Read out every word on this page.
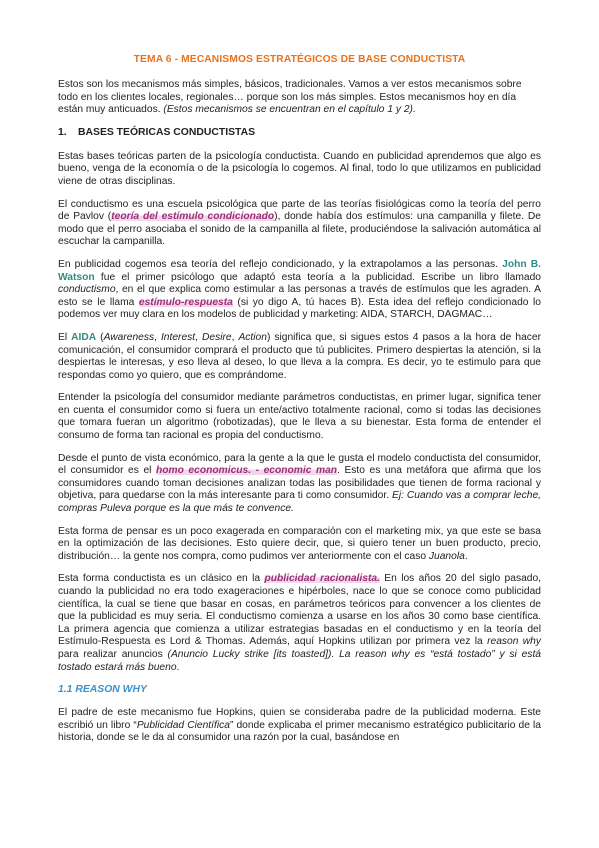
TEMA 6 - MECANISMOS ESTRATÉGICOS DE BASE CONDUCTISTA

Estos son los mecanismos más simples, básicos, tradicionales. Vamos a ver estos mecanismos sobre todo en los clientes locales, regionales… porque son los más simples. Estos mecanismos hoy en día están muy anticuados. (Estos mecanismos se encuentran en el capítulo 1 y 2).

1. BASES TEÓRICAS CONDUCTISTAS

Estas bases teóricas parten de la psicología conductista. Cuando en publicidad aprendemos que algo es bueno, venga de la economía o de la psicología lo cogemos. Al final, todo lo que utilizamos en publicidad viene de otras disciplinas.

El conductismo es una escuela psicológica que parte de las teorías fisiológicas como la teoría del perro de Pavlov (teoría del estímulo condicionado), donde había dos estímulos: una campanilla y filete. De modo que el perro asociaba el sonido de la campanilla al filete, produciéndose la salivación automática al escuchar la campanilla.

En publicidad cogemos esa teoría del reflejo condicionado, y la extrapolamos a las personas. John B. Watson fue el primer psicólogo que adaptó esta teoría a la publicidad. Escribe un libro llamado conductismo, en el que explica como estimular a las personas a través de estímulos que les agraden. A esto se le llama estímulo-respuesta (si yo digo A, tú haces B). Esta idea del reflejo condicionado lo podemos ver muy clara en los modelos de publicidad y marketing: AIDA, STARCH, DAGMAC…

El AIDA (Awareness, Interest, Desire, Action) significa que, si sigues estos 4 pasos a la hora de hacer comunicación, el consumidor comprará el producto que tú publicites. Primero despiertas la atención, si la despiertas le interesas, y eso lleva al deseo, lo que lleva a la compra. Es decir, yo te estimulo para que respondas como yo quiero, que es comprándome.

Entender la psicología del consumidor mediante parámetros conductistas, en primer lugar, significa tener en cuenta el consumidor como si fuera un ente/activo totalmente racional, como si todas las decisiones que tomara fueran un algoritmo (robotizadas), que le lleva a su bienestar. Esta forma de entender el consumo de forma tan racional es propia del conductismo.

Desde el punto de vista económico, para la gente a la que le gusta el modelo conductista del consumidor, el consumidor es el homo economicus. - economic man. Esto es una metáfora que afirma que los consumidores cuando toman decisiones analizan todas las posibilidades que tienen de forma racional y objetiva, para quedarse con la más interesante para ti como consumidor. Ej: Cuando vas a comprar leche, compras Puleva porque es la que más te convence.

Esta forma de pensar es un poco exagerada en comparación con el marketing mix, ya que este se basa en la optimización de las decisiones. Esto quiere decir, que, si quiero tener un buen producto, precio, distribución… la gente nos compra, como pudimos ver anteriormente con el caso Juanola.

Esta forma conductista es un clásico en la publicidad racionalista. En los años 20 del siglo pasado, cuando la publicidad no era todo exageraciones e hipérboles, nace lo que se conoce como publicidad científica, la cual se tiene que basar en cosas, en parámetros teóricos para convencer a los clientes de que la publicidad es muy seria. El conductismo comienza a usarse en los años 30 como base científica. La primera agencia que comienza a utilizar estrategias basadas en el conductismo y en la teoría del Estímulo-Respuesta es Lord & Thomas. Además, aquí Hopkins utilizan por primera vez la reason why para realizar anuncios (Anuncio Lucky strike [its toasted]). La reason why es “está tostado” y si está tostado estará más bueno.

1.1 REASON WHY

El padre de este mecanismo fue Hopkins, quien se consideraba padre de la publicidad moderna. Este escribió un libro “Publicidad Científica” donde explicaba el primer mecanismo estratégico publicitario de la historia, donde se le da al consumidor una razón por la cual, basándose en
